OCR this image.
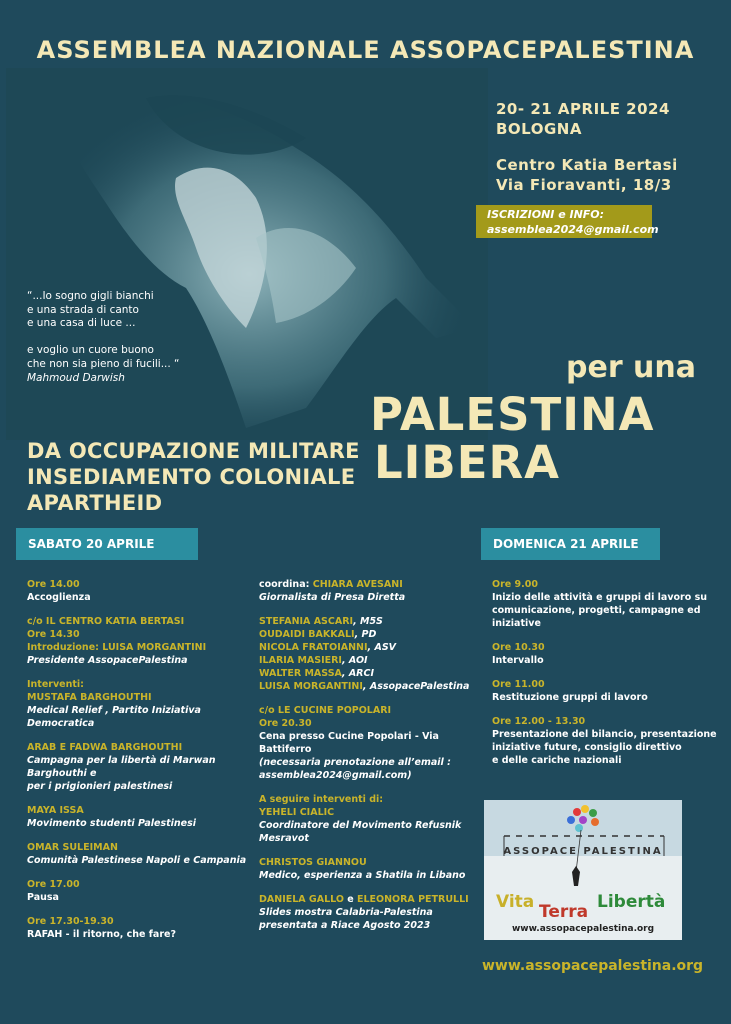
ASSEMBLEA NAZIONALE ASSOPACEPALESTINA
20- 21 APRILE 2024
BOLOGNA
Centro Katia Bertasi
Via Fioravanti, 18/3
ISCRIZIONI e INFO:
assemblea2024@gmail.com
“...Io sogno gigli bianchi
e una strada di canto
e una casa di luce ...
e voglio un cuore buono
che non sia pieno di fucili... “
Mahmoud Darwish	per una
PALESTINA
LIBERA
DA OCCUPAZIONE MILITARE
INSEDIAMENTO COLONIALE
APARTHEID
SABATO 20 APRILE	DOMENICA 21 APRILE
Ore 14.00
Accoglienza
c/o IL CENTRO KATIA BERTASI
Ore 14.30
Introduzione: LUISA MORGANTINI
Presidente AssopacePalestina
Interventi:
MUSTAFA BARGHOUTHI
Medical Relief , Partito Iniziativa Democratica
ARAB E FADWA BARGHOUTHI
Campagna per la libertà di Marwan Barghouthi e
per i prigionieri palestinesi
MAYA ISSA
Movimento studenti Palestinesi
OMAR SULEIMAN
Comunità Palestinese Napoli e Campania
Ore 17.00
Pausa
Ore 17.30-19.30
RAFAH - il ritorno, che fare?
coordina: CHIARA AVESANI
Giornalista di Presa Diretta
STEFANIA ASCARI, M5S
OUDAIDI BAKKALI, PD
NICOLA FRATOIANNI, ASV
ILARIA MASIERI, AOI
WALTER MASSA, ARCI
LUISA MORGANTINI, AssopacePalestina
c/o LE CUCINE POPOLARI
Ore 20.30
Cena presso Cucine Popolari - Via Battiferro
(necessaria prenotazione all’email :
assemblea2024@gmail.com)
A seguire interventi di:
YEHELI CIALIC
Coordinatore del Movimento Refusnik
Mesravot
CHRISTOS GIANNOU
Medico, esperienza a Shatila in Libano
DANIELA GALLO e ELEONORA PETRULLI
Slides mostra Calabria-Palestina
presentata a Riace Agosto 2023
Ore 9.00
Inizio delle attività e gruppi di lavoro su
comunicazione, progetti, campagne ed iniziative
Ore 10.30
Intervallo
Ore 11.00
Restituzione gruppi di lavoro
Ore 12.00 - 13.30
Presentazione del bilancio, presentazione
iniziative future, consiglio direttivo
e delle cariche nazionali
ASSOPACE PALESTINA
Vita Terra Libertà
www.assopacepalestina.org
www.assopacepalestina.org
